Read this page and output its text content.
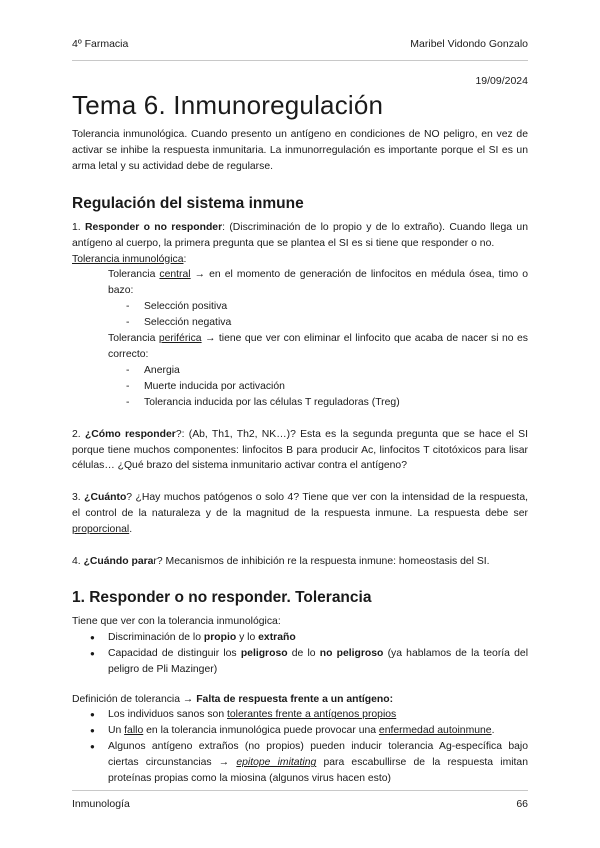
4º Farmacia	Maribel Vidondo Gonzalo
19/09/2024
Tema 6. Inmunoregulación

Tolerancia inmunológica. Cuando presento un antígeno en condiciones de NO peligro, en vez de activar se inhibe la respuesta inmunitaria. La inmunorregulación es importante porque el SI es un arma letal y su actividad debe de regularse.

Regulación del sistema inmune

1. Responder o no responder: (Discriminación de lo propio y de lo extraño). Cuando llega un antígeno al cuerpo, la primera pregunta que se plantea el SI es si tiene que responder o no.

Tolerancia inmunológica:

Tolerancia central → en el momento de generación de linfocitos en médula ósea, timo o bazo:

- Selección positiva
- Selección negativa

Tolerancia periférica → tiene que ver con eliminar el linfocito que acaba de nacer si no es correcto:

- Anergia
- Muerte inducida por activación
- Tolerancia inducida por las células T reguladoras (Treg)

2. ¿Cómo responder?: (Ab, Th1, Th2, NK…)? Esta es la segunda pregunta que se hace el SI porque tiene muchos componentes: linfocitos B para producir Ac, linfocitos T citotóxicos para lisar células… ¿Qué brazo del sistema inmunitario activar contra el antígeno?

3. ¿Cuánto? ¿Hay muchos patógenos o solo 4? Tiene que ver con la intensidad de la respuesta, el control de la naturaleza y de la magnitud de la respuesta inmune. La respuesta debe ser proporcional.

4. ¿Cuándo parar? Mecanismos de inhibición re la respuesta inmune: homeostasis del SI.

1. Responder o no responder. Tolerancia

Tiene que ver con la tolerancia inmunológica:

● Discriminación de lo propio y lo extraño
● Capacidad de distinguir los peligroso de lo no peligroso (ya hablamos de la teoría del peligro de Pli Mazinger)

Definición de tolerancia → Falta de respuesta frente a un antígeno:

● Los individuos sanos son tolerantes frente a antígenos propios
● Un fallo en la tolerancia inmunológica puede provocar una enfermedad autoinmune.
● Algunos antígeno extraños (no propios) pueden inducir tolerancia Ag-específica bajo ciertas circunstancias → epitope imitating para escabullirse de la respuesta imitan proteínas propias como la miosina (algunos virus hacen esto)
Inmunología	66
